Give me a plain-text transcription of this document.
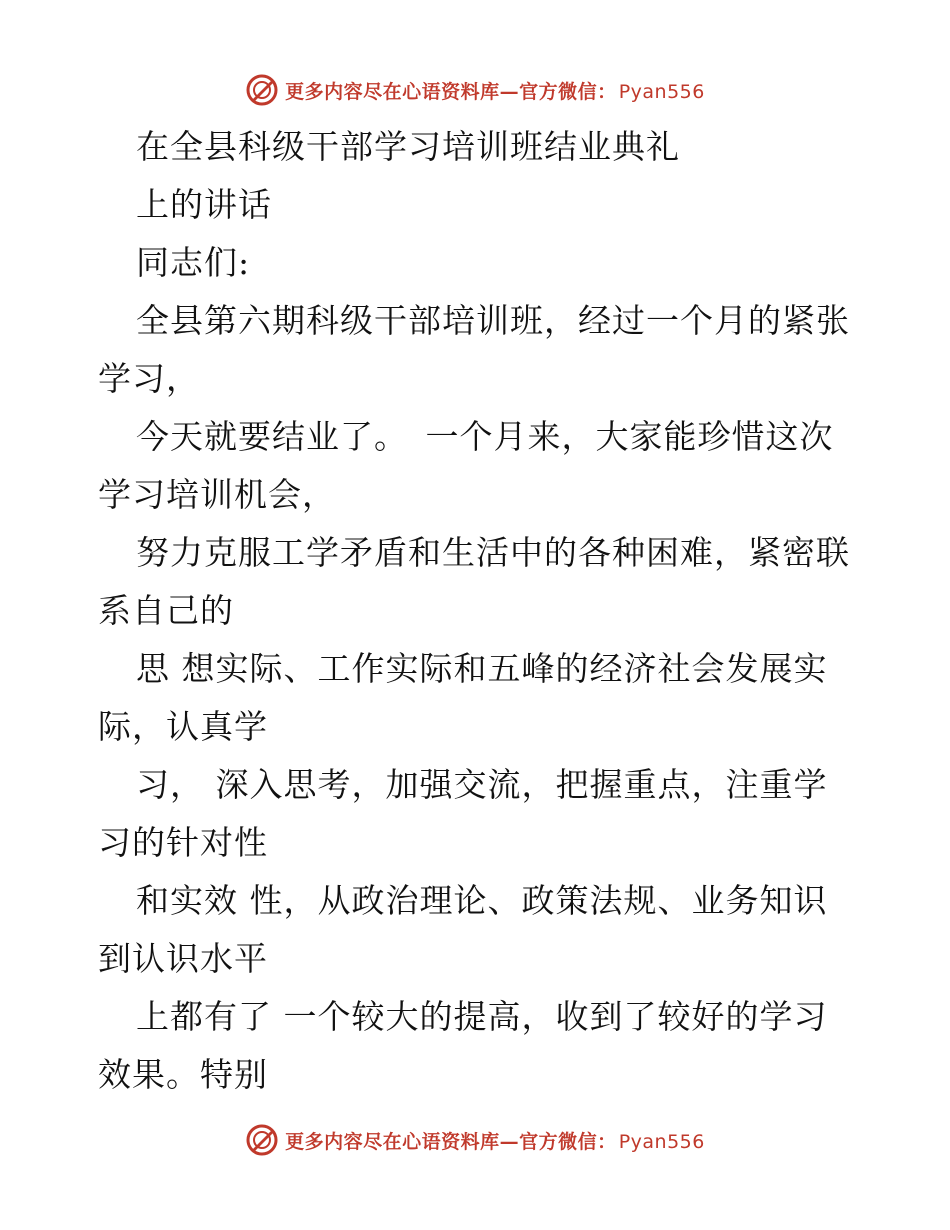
更多内容尽在心语资料库—官方微信： Pyan556
在全县科级干部学习培训班结业典礼
上的讲话
同志们:
全县第六期科级干部培训班，经过一个月的紧张
学习，
今天就要结业了。　一个月来，大家能珍惜这次
学习培训机会，
努力克服工学矛盾和生活中的各种困难，紧密联
系自己的
思 想实际、工作实际和五峰的经济社会发展实
际，认真学
习， 深入思考，加强交流，把握重点，注重学
习的针对性
和实效 性，从政治理论、政策法规、业务知识
到认识水平
上都有了 一个较大的提高，收到了较好的学习
效果。特别
更多内容尽在心语资料库—官方微信： Pyan556
